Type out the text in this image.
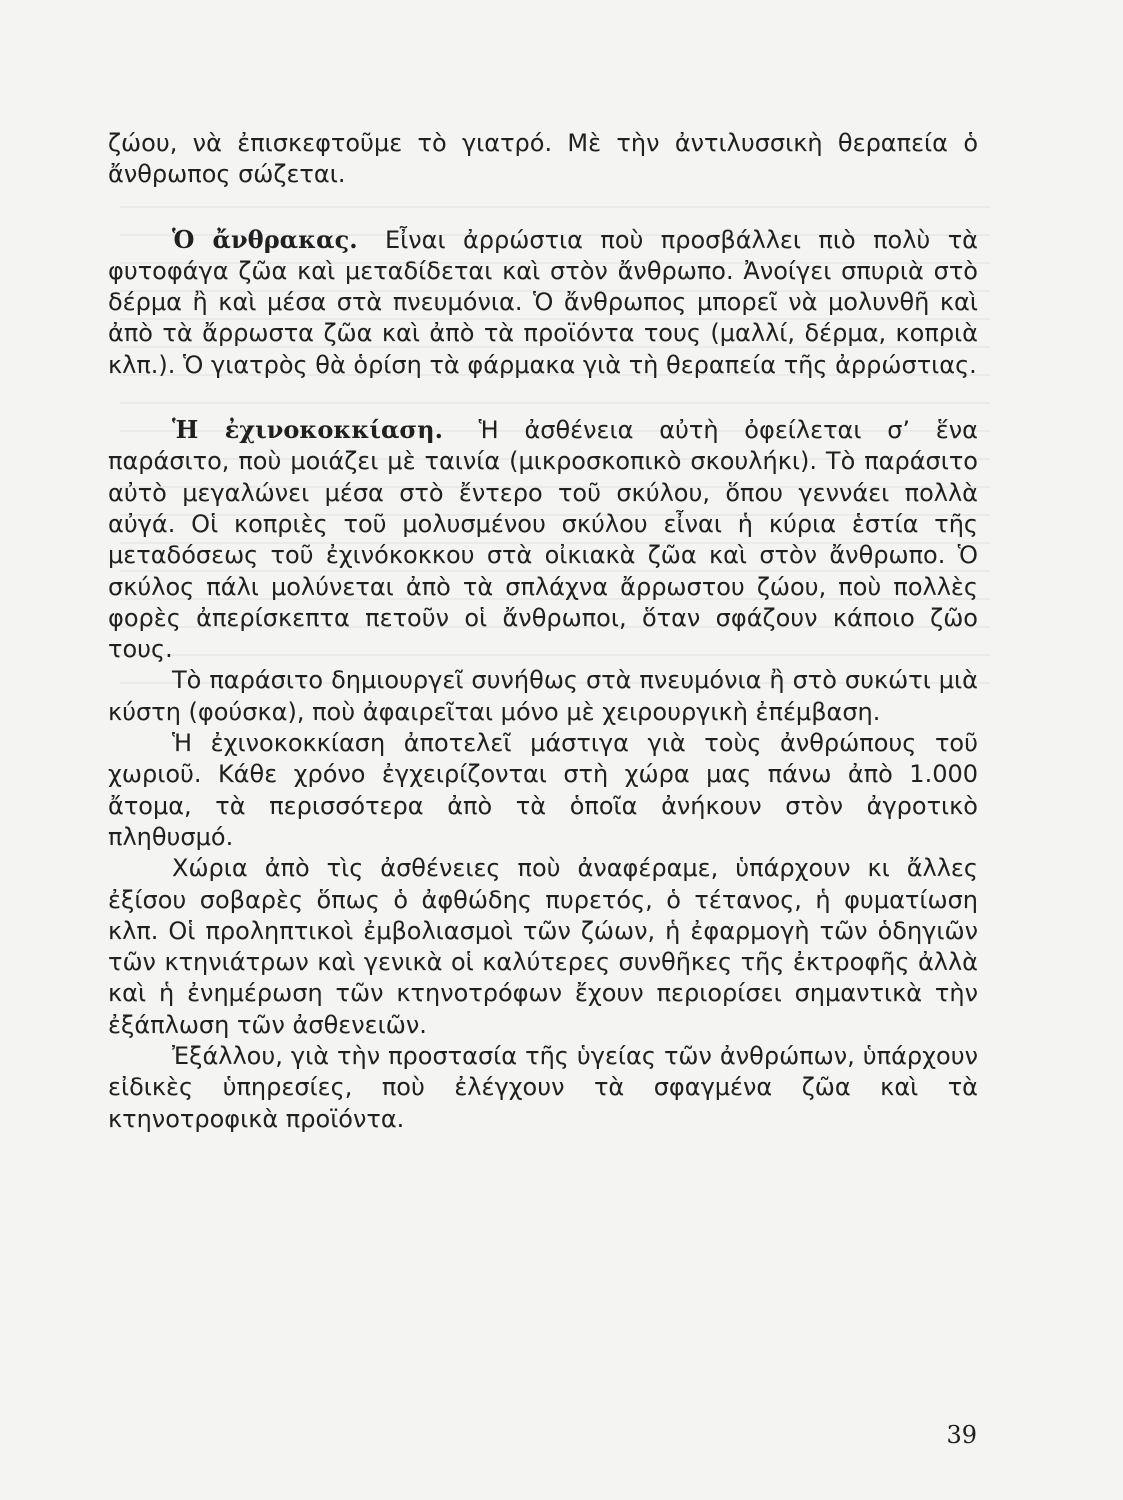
ζώου, νὰ ἐπισκεφτοῦμε τὸ γιατρό. Μὲ τὴν ἀντιλυσσικὴ θεραπεία ὁ ἄνθρωπος σώζεται.

Ὁ ἄνθρακας. Εἶναι ἀρρώστια ποὺ προσβάλλει πιὸ πολὺ τὰ φυτοφάγα ζῶα καὶ μεταδίδεται καὶ στὸν ἄνθρωπο. Ἀνοίγει σπυριὰ στὸ δέρμα ἢ καὶ μέσα στὰ πνευμόνια. Ὁ ἄνθρωπος μπορεῖ νὰ μολυνθῆ καὶ ἀπὸ τὰ ἄρρωστα ζῶα καὶ ἀπὸ τὰ προϊόντα τους (μαλλί, δέρμα, κοπριὰ κλπ.). Ὁ γιατρὸς θὰ ὁρίση τὰ φάρμακα γιὰ τὴ θεραπεία τῆς ἀρρώστιας.

Ἡ ἐχινοκοκκίαση. Ἡ ἀσθένεια αὐτὴ ὀφείλεται σ’ ἕνα παράσιτο, ποὺ μοιάζει μὲ ταινία (μικροσκοπικὸ σκουλήκι). Τὸ παράσιτο αὐτὸ μεγαλώνει μέσα στὸ ἔντερο τοῦ σκύλου, ὅπου γεννάει πολλὰ αὐγά. Οἱ κοπριὲς τοῦ μολυσμένου σκύλου εἶναι ἡ κύρια ἑστία τῆς μεταδόσεως τοῦ ἐχινόκοκκου στὰ οἰκιακὰ ζῶα καὶ στὸν ἄνθρωπο. Ὁ σκύλος πάλι μολύνεται ἀπὸ τὰ σπλάχνα ἄρρωστου ζώου, ποὺ πολλὲς φορὲς ἀπερίσκεπτα πετοῦν οἱ ἄνθρωποι, ὅταν σφάζουν κάποιο ζῶο τους.

Τὸ παράσιτο δημιουργεῖ συνήθως στὰ πνευμόνια ἢ στὸ συκώτι μιὰ κύστη (φούσκα), ποὺ ἀφαιρεῖται μόνο μὲ χειρουργικὴ ἐπέμβαση.

Ἡ ἐχινοκοκκίαση ἀποτελεῖ μάστιγα γιὰ τοὺς ἀνθρώπους τοῦ χωριοῦ. Κάθε χρόνο ἐγχειρίζονται στὴ χώρα μας πάνω ἀπὸ 1.000 ἄτομα, τὰ περισσότερα ἀπὸ τὰ ὁποῖα ἀνήκουν στὸν ἀγροτικὸ πληθυσμό.

Χώρια ἀπὸ τὶς ἀσθένειες ποὺ ἀναφέραμε, ὑπάρχουν κι ἄλλες ἐξίσου σοβαρὲς ὅπως ὁ ἀφθώδης πυρετός, ὁ τέτανος, ἡ φυματίωση κλπ. Οἱ προληπτικοὶ ἐμβολιασμοὶ τῶν ζώων, ἡ ἐφαρμογὴ τῶν ὁδηγιῶν τῶν κτηνιάτρων καὶ γενικὰ οἱ καλύτερες συνθῆκες τῆς ἐκτροφῆς ἀλλὰ καὶ ἡ ἐνημέρωση τῶν κτηνοτρόφων ἔχουν περιορίσει σημαντικὰ τὴν ἐξάπλωση τῶν ἀσθενειῶν.

Ἐξάλλου, γιὰ τὴν προστασία τῆς ὑγείας τῶν ἀνθρώπων, ὑπάρχουν εἰδικὲς ὑπηρεσίες, ποὺ ἐλέγχουν τὰ σφαγμένα ζῶα καὶ τὰ κτηνοτροφικὰ προϊόντα.

39
